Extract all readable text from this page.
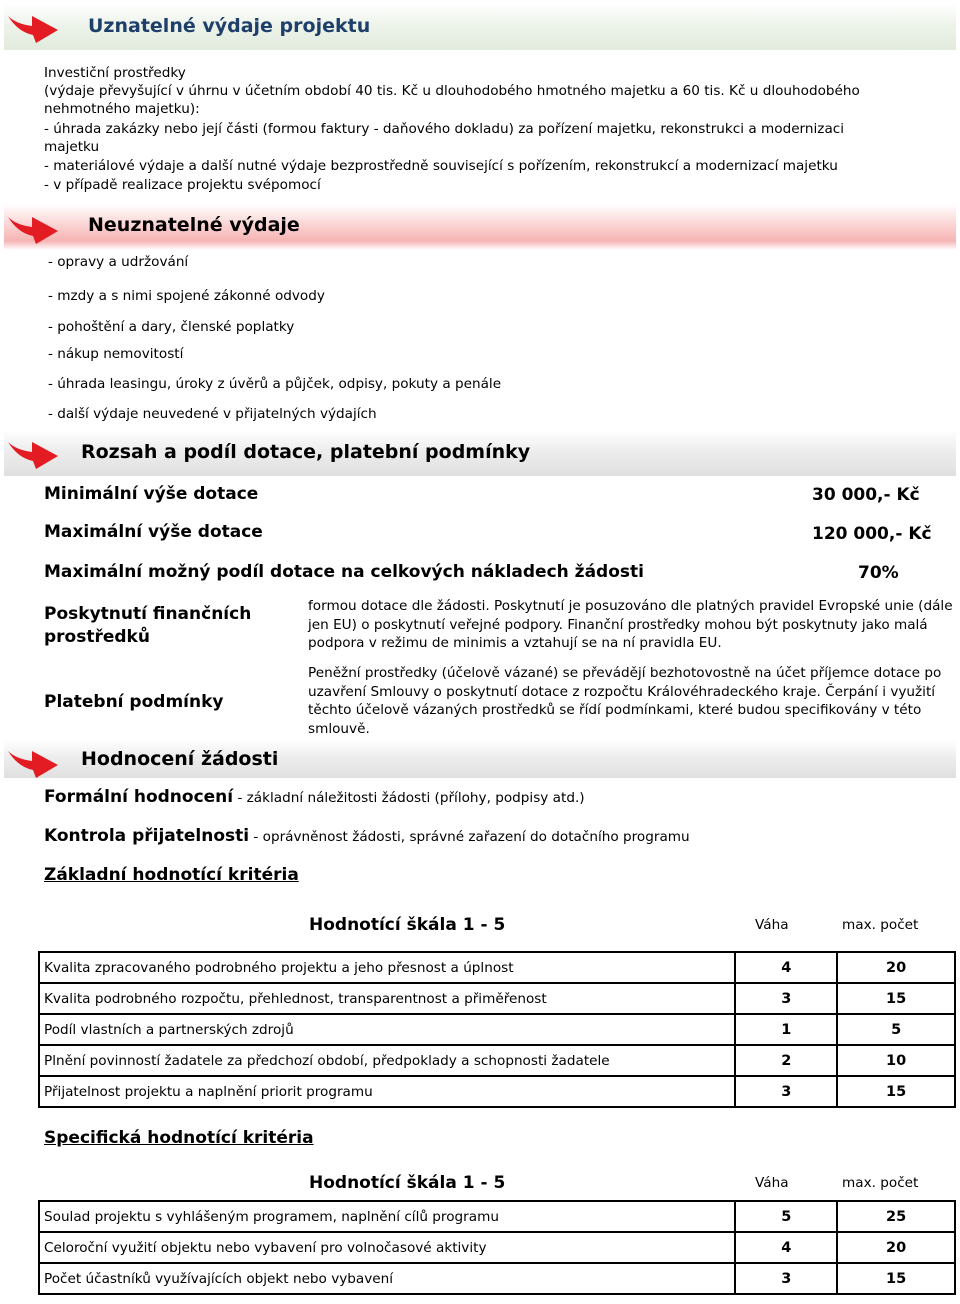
Uznatelné výdaje projektu
Investiční prostředky
(výdaje převyšující v úhrnu v účetním období 40 tis. Kč u dlouhodobého hmotného majetku a 60 tis. Kč u dlouhodobého
nehmotného majetku):
- úhrada zakázky nebo její části (formou faktury - daňového dokladu) za pořízení majetku, rekonstrukci a modernizaci
majetku
- materiálové výdaje a další nutné výdaje bezprostředně související s pořízením, rekonstrukcí a modernizací majetku
- v případě realizace projektu svépomocí
Neuznatelné výdaje
- opravy a udržování
- mzdy a s nimi spojené zákonné odvody
- pohoštění a dary, členské poplatky
- nákup nemovitostí
- úhrada leasingu, úroky z úvěrů a půjček, odpisy, pokuty a penále
- další výdaje neuvedené v přijatelných výdajích
Rozsah a podíl dotace, platební podmínky
Minimální výše dotace	30 000,- Kč
Maximální výše dotace	120 000,- Kč
Maximální možný podíl dotace na celkových nákladech žádosti	70%
Poskytnutí finančních
prostředků
formou dotace dle žádosti. Poskytnutí je posuzováno dle platných pravidel Evropské unie (dále jen EU) o poskytnutí veřejné podpory. Finanční prostředky mohou být poskytnuty jako malá podpora v režimu de minimis a vztahují se na ní pravidla EU.
Platební podmínky
Peněžní prostředky (účelově vázané) se převádějí bezhotovostně na účet příjemce dotace po uzavření Smlouvy o poskytnutí dotace z rozpočtu Královéhradeckého kraje. Čerpání i využití těchto účelově vázaných prostředků se řídí podmínkami, které budou specifikovány v této smlouvě.
Hodnocení žádosti
Formální hodnocení - základní náležitosti žádosti (přílohy, podpisy atd.)
Kontrola přijatelnosti - oprávněnost žádosti, správné zařazení do dotačního programu
Základní hodnotící kritéria
Hodnotící škála 1 - 5	Váha	max. počet
Kvalita zpracovaného podrobného projektu a jeho přesnost a úplnost	4	20
Kvalita podrobného rozpočtu, přehlednost, transparentnost a přiměřenost	3	15
Podíl vlastních a partnerských zdrojů	1	5
Plnění povinností žadatele za předchozí období, předpoklady a schopnosti žadatele	2	10
Přijatelnost projektu a naplnění priorit programu	3	15
Specifická hodnotící kritéria
Hodnotící škála 1 - 5	Váha	max. počet
Soulad projektu s vyhlášeným programem, naplnění cílů programu	5	25
Celoroční využití objektu nebo vybavení pro volnočasové aktivity	4	20
Počet účastníků využívajících objekt nebo vybavení	3	15
